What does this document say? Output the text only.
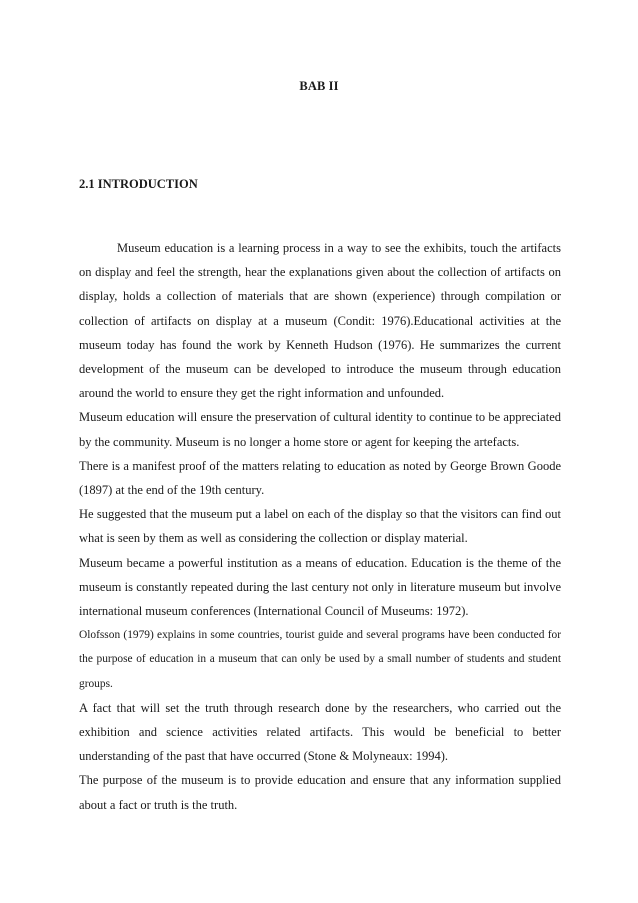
BAB II
2.1 INTRODUCTION

Museum education is a learning process in a way to see the exhibits, touch the artifacts on display and feel the strength, hear the explanations given about the collection of artifacts on display, holds a collection of materials that are shown (experience) through compilation or collection of artifacts on display at a museum (Condit: 1976).Educational activities at the museum today has found the work by Kenneth Hudson (1976). He summarizes the current development of the museum can be developed to introduce the museum through education around the world to ensure they get the right information and unfounded.

Museum education will ensure the preservation of cultural identity to continue to be appreciated by the community. Museum is no longer a home store or agent for keeping the artefacts.

There is a manifest proof of the matters relating to education as noted by George Brown Goode (1897) at the end of the 19th century.

He suggested that the museum put a label on each of the display so that the visitors can find out what is seen by them as well as considering the collection or display material.

Museum became a powerful institution as a means of education. Education is the theme of the museum is constantly repeated during the last century not only in literature museum but involve international museum conferences (International Council of Museums: 1972).

Olofsson (1979) explains in some countries, tourist guide and several programs have been conducted for the purpose of education in a museum that can only be used by a small number of students and student groups.

A fact that will set the truth through research done by the researchers, who carried out the exhibition and science activities related artifacts. This would be beneficial to better understanding of the past that have occurred (Stone & Molyneaux: 1994).

The purpose of the museum is to provide education and ensure that any information supplied about a fact or truth is the truth.
